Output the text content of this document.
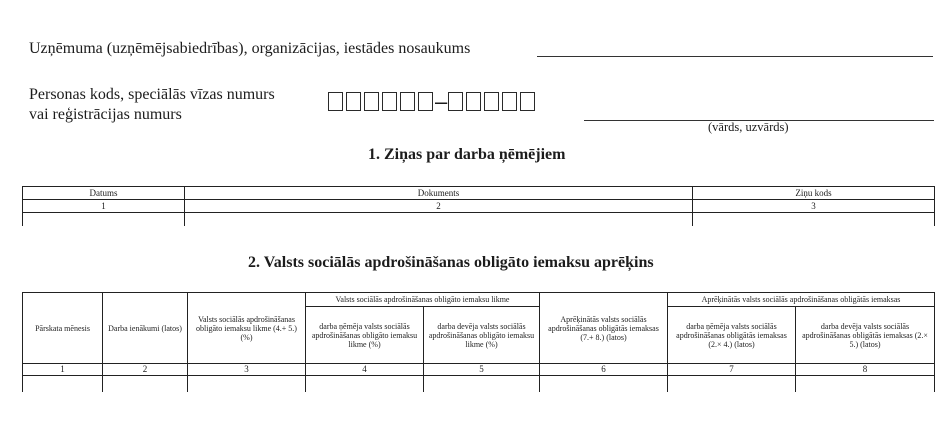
Uzņēmuma (uzņēmējsabiedrības), organizācijas, iestādes nosaukums
Personas kods, speciālās vīzas numurs
vai reģistrācijas numurs
–
(vārds, uzvārds)
1. Ziņas par darba ņēmējiem
Datums	Dokuments	Ziņu kods
1	2	3

2. Valsts sociālās apdrošināšanas obligāto iemaksu aprēķins
Pārskata mēnesis	Darba ienākumi (latos)	Valsts sociālās apdrošināšanas obligāto iemaksu likme (4.+ 5.) (%)	Valsts sociālās apdrošināšanas obligāto iemaksu likme		Aprēķinātās valsts sociālās apdrošināšanas obligātās iemaksas (7.+ 8.) (latos)	Aprēķinātās valsts sociālās apdrošināšanas obligātās iemaksas	
			darba ņēmēja valsts sociālās apdrošināšanas obligāto iemaksu likme (%)	darba devēja valsts sociālās apdrošināšanas obligāto iemaksu likme (%)		darba ņēmēja valsts sociālās apdrošināšanas obligātās iemaksas (2.× 4.) (latos)	darba devēja valsts sociālās apdrošināšanas obligātās iemaksas (2.× 5.) (latos)
1	2	3	4	5	6	7	8
